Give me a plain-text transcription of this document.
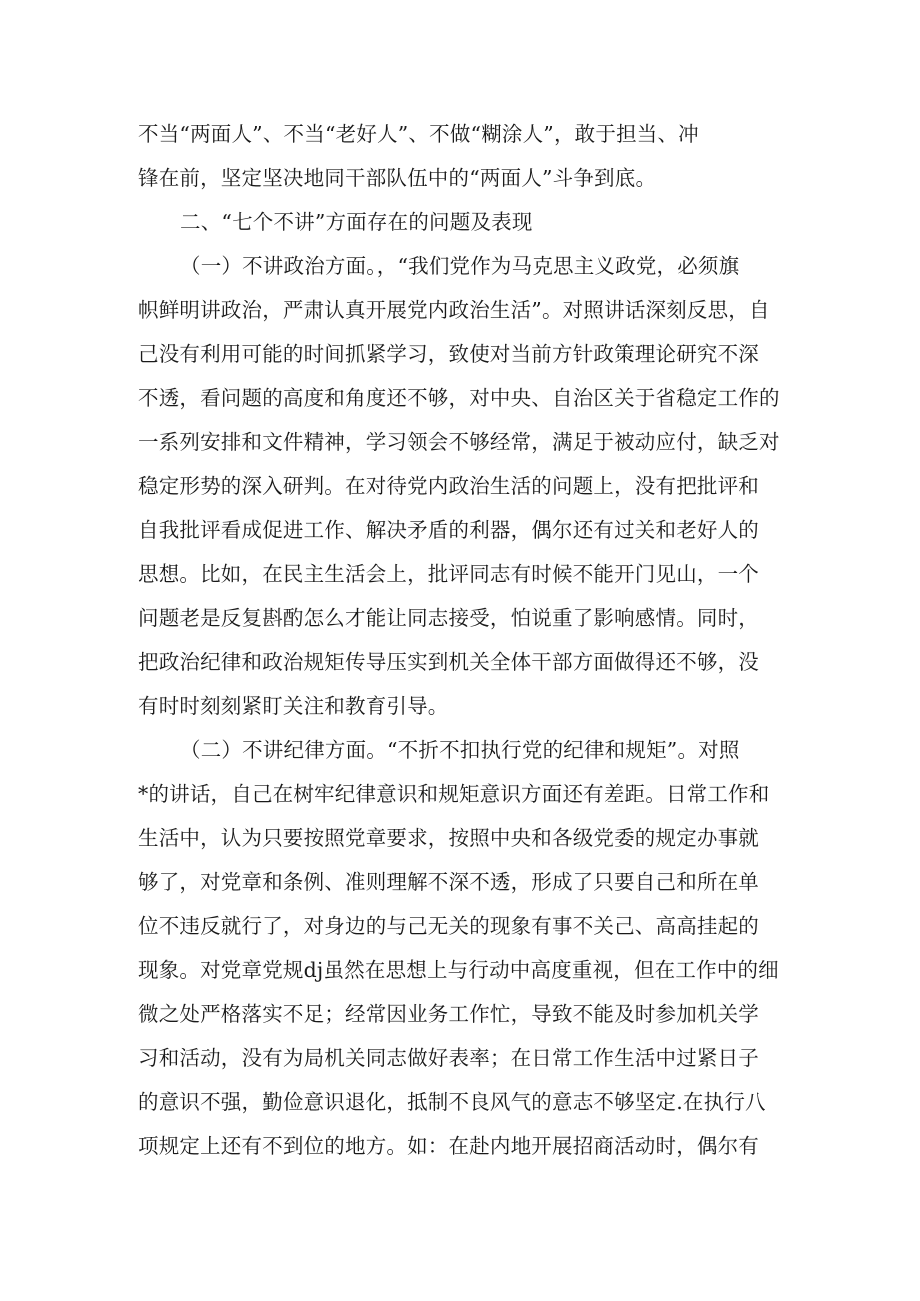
不当“两面人”、不当“老好人”、不做“糊涂人”，敢于担当、冲
锋在前，坚定坚决地同干部队伍中的“两面人”斗争到底。
二、“七个不讲”方面存在的问题及表现
（一）不讲政治方面。，“我们党作为马克思主义政党，必须旗
帜鲜明讲政治，严肃认真开展党内政治生活”。对照讲话深刻反思，自
己没有利用可能的时间抓紧学习，致使对当前方针政策理论研究不深
不透，看问题的高度和角度还不够，对中央、自治区关于省稳定工作的
一系列安排和文件精神，学习领会不够经常，满足于被动应付，缺乏对
稳定形势的深入研判。在对待党内政治生活的问题上，没有把批评和
自我批评看成促进工作、解决矛盾的利器，偶尔还有过关和老好人的
思想。比如，在民主生活会上，批评同志有时候不能开门见山，一个
问题老是反复斟酌怎么才能让同志接受，怕说重了影响感情。同时，
把政治纪律和政治规矩传导压实到机关全体干部方面做得还不够，没
有时时刻刻紧盯关注和教育引导。
（二）不讲纪律方面。“不折不扣执行党的纪律和规矩”。对照
*的讲话，自己在树牢纪律意识和规矩意识方面还有差距。日常工作和
生活中，认为只要按照党章要求，按照中央和各级党委的规定办事就
够了，对党章和条例、准则理解不深不透，形成了只要自己和所在单
位不违反就行了，对身边的与己无关的现象有事不关己、高高挂起的
现象。对党章党规dj虽然在思想上与行动中高度重视，但在工作中的细
微之处严格落实不足；经常因业务工作忙，导致不能及时参加机关学
习和活动，没有为局机关同志做好表率；在日常工作生活中过紧日子
的意识不强，勤俭意识退化，抵制不良风气的意志不够坚定.在执行八
项规定上还有不到位的地方。如：在赴内地开展招商活动时，偶尔有
